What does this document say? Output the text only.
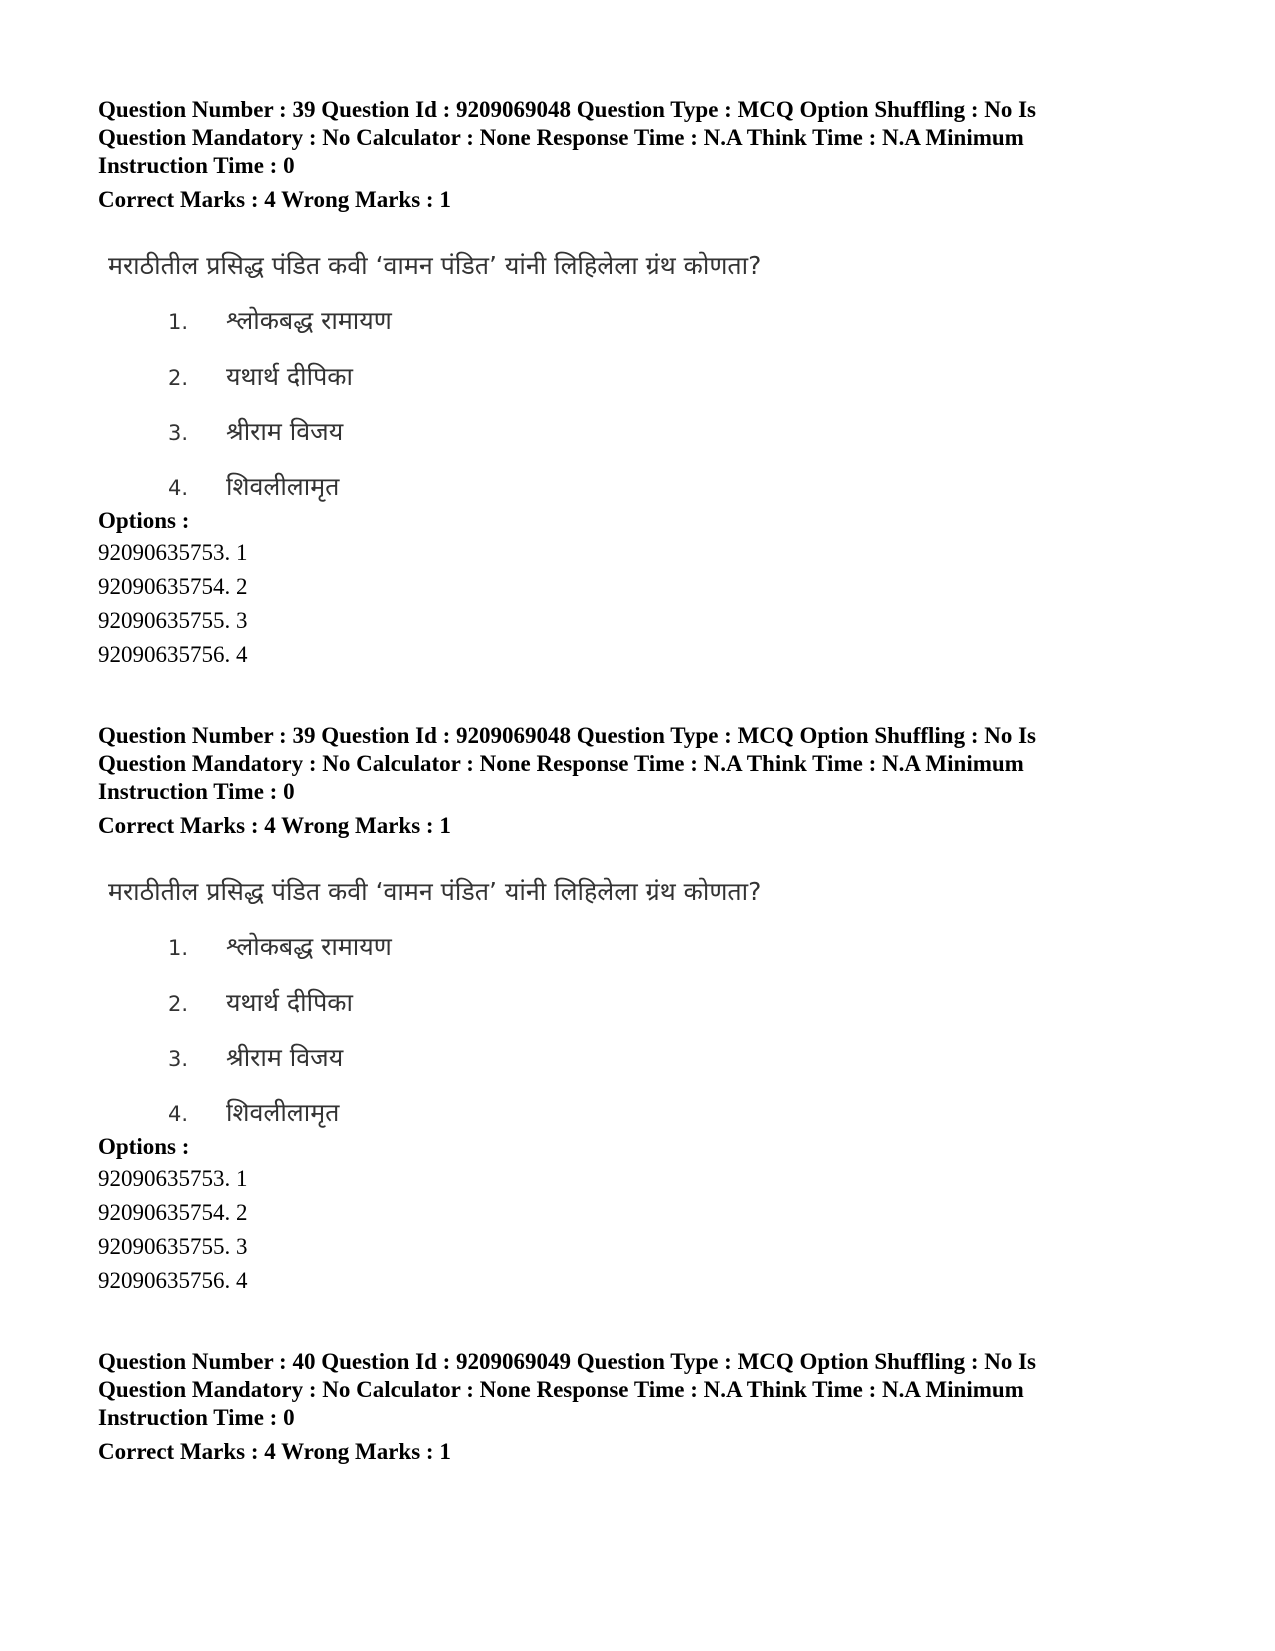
Question Number : 39 Question Id : 9209069048 Question Type : MCQ Option Shuffling : No Is
Question Mandatory : No Calculator : None Response Time : N.A Think Time : N.A Minimum
Instruction Time : 0

Correct Marks : 4 Wrong Marks : 1

मराठीतील प्रसिद्ध पंडित कवी ‘वामन पंडित’ यांनी लिहिलेला ग्रंथ कोणता?
1. श्लोकबद्ध रामायण
2. यथार्थ दीपिका
3. श्रीराम विजय
4. शिवलीलामृत

Options :

92090635753. 1

92090635754. 2

92090635755. 3

92090635756. 4

Question Number : 39 Question Id : 9209069048 Question Type : MCQ Option Shuffling : No Is
Question Mandatory : No Calculator : None Response Time : N.A Think Time : N.A Minimum
Instruction Time : 0

Correct Marks : 4 Wrong Marks : 1

मराठीतील प्रसिद्ध पंडित कवी ‘वामन पंडित’ यांनी लिहिलेला ग्रंथ कोणता?
1. श्लोकबद्ध रामायण
2. यथार्थ दीपिका
3. श्रीराम विजय
4. शिवलीलामृत

Options :

92090635753. 1

92090635754. 2

92090635755. 3

92090635756. 4

Question Number : 40 Question Id : 9209069049 Question Type : MCQ Option Shuffling : No Is
Question Mandatory : No Calculator : None Response Time : N.A Think Time : N.A Minimum
Instruction Time : 0

Correct Marks : 4 Wrong Marks : 1
